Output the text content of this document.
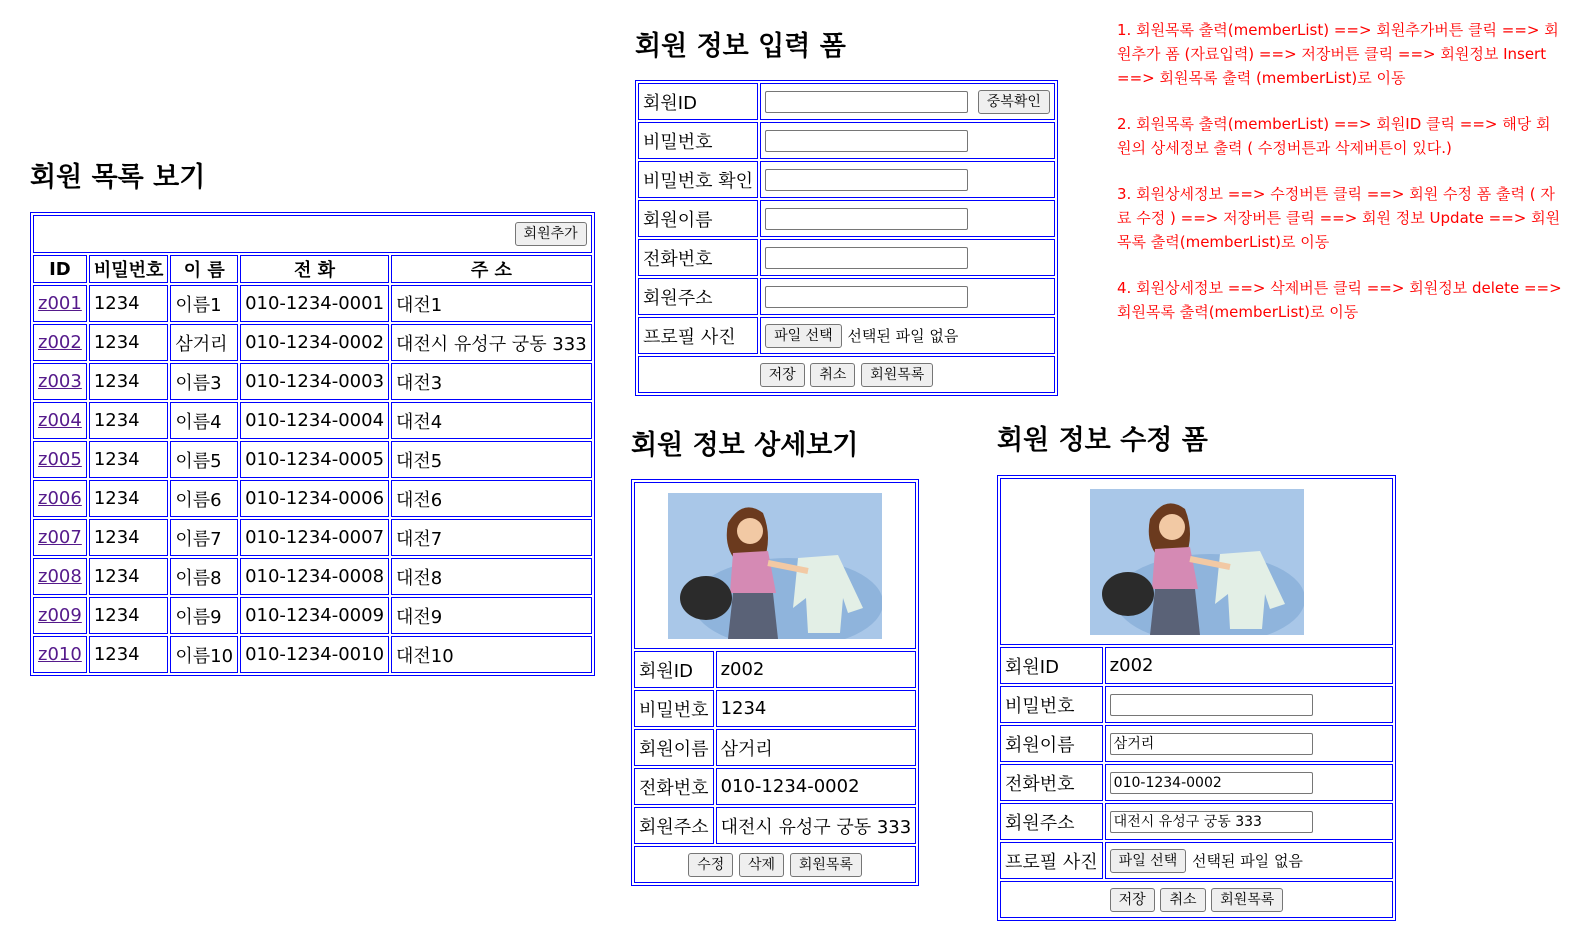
회원 목록 보기
회원추가				
ID	비밀번호	이 름	전 화	주 소
z001	1234	이름1	010-1234-0001	대전1
z002	1234	삼거리	010-1234-0002	대전시 유성구 궁동 333
z003	1234	이름3	010-1234-0003	대전3
z004	1234	이름4	010-1234-0004	대전4
z005	1234	이름5	010-1234-0005	대전5
z006	1234	이름6	010-1234-0006	대전6
z007	1234	이름7	010-1234-0007	대전7
z008	1234	이름8	010-1234-0008	대전8
z009	1234	이름9	010-1234-0009	대전9
z010	1234	이름10	010-1234-0010	대전10
회원 정보 입력 폼
회원ID	중복확인
비밀번호	
비밀번호 확인	
회원이름	
전화번호	
회원주소	
프로필 사진	파일 선택 선택된 파일 없음
저장 취소 회원목록	
회원 정보 상세보기

회원ID	z002
비밀번호	1234
회원이름	삼거리
전화번호	010-1234-0002
회원주소	대전시 유성구 궁동 333
수정 삭제 회원목록	
회원 정보 수정 폼

회원ID	z002
비밀번호	
회원이름	삼거리
전화번호	010-1234-0002
회원주소	대전시 유성구 궁동 333
프로필 사진	파일 선택 선택된 파일 없음
저장 취소 회원목록	

1. 회원목록 출력(memberList) ==> 회원추가버튼 클릭 ==> 회원추가 폼 (자료입력) ==> 저장버튼 클릭 ==> 회원정보 Insert ==> 회원목록 출력 (memberList)로 이동

2. 회원목록 출력(memberList) ==> 회원ID 클릭 ==> 해당 회원의 상세정보 출력 ( 수정버튼과 삭제버튼이 있다.)

3. 회원상세정보 ==> 수정버튼 클릭 ==> 회원 수정 폼 출력 ( 자료 수정 ) ==> 저장버튼 클릭 ==> 회원 정보 Update ==> 회원목록 출력(memberList)로 이동

4. 회원상세정보 ==> 삭제버튼 클릭 ==> 회원정보 delete ==> 회원목록 출력(memberList)로 이동
